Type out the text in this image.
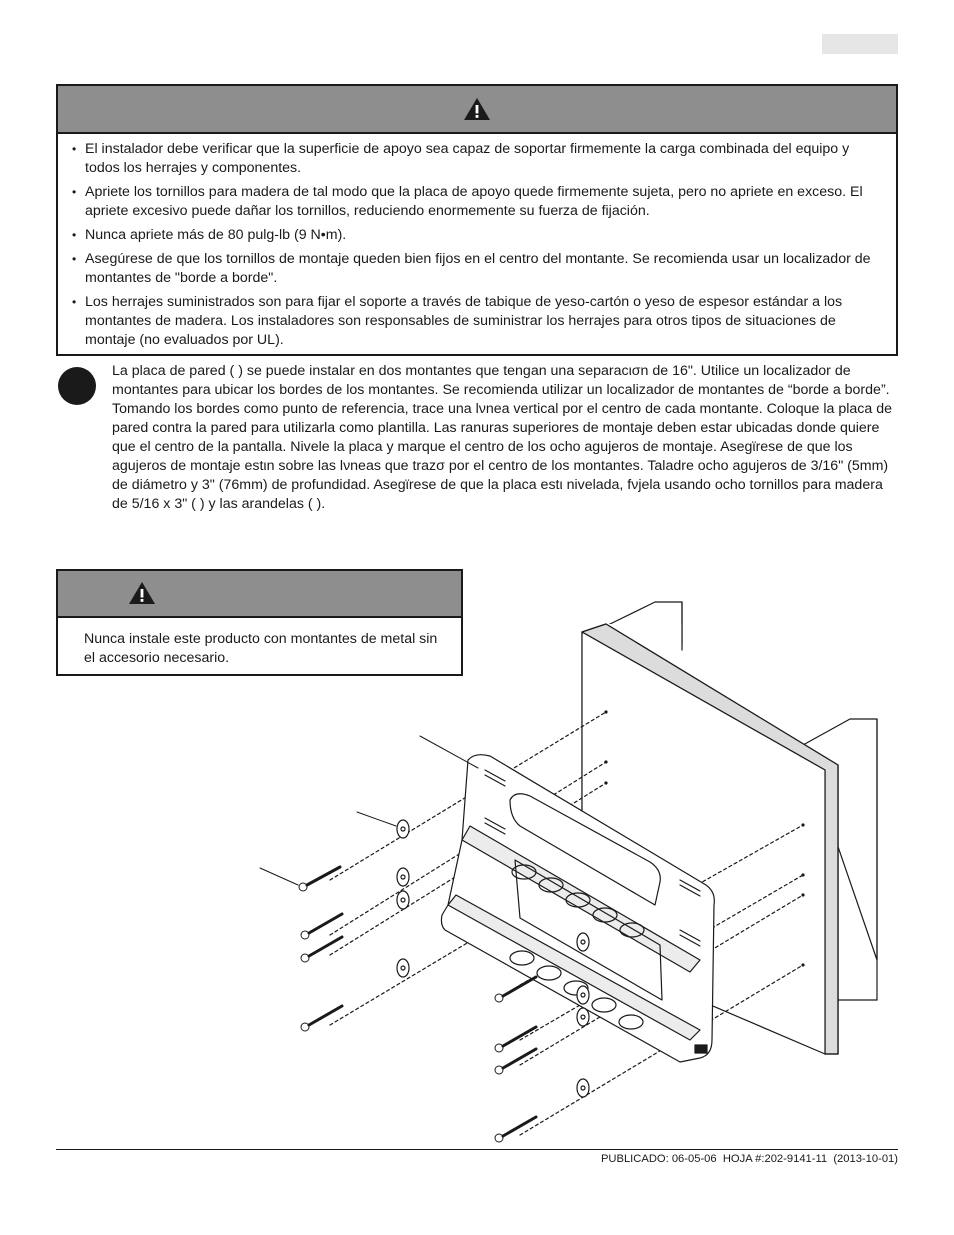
• El instalador debe verificar que la superficie de apoyo sea capaz de soportar firmemente la carga combinada del equipo y todos los herrajes y componentes.
• Apriete los tornillos para madera de tal modo que la placa de apoyo quede firmemente sujeta, pero no apriete en exceso. El apriete excesivo puede dañar los tornillos, reduciendo enormemente su fuerza de fijación.
• Nunca apriete más de 80 pulg-lb (9 N•m).
• Asegúrese de que los tornillos de montaje queden bien fijos en el centro del montante. Se recomienda usar un localizador de montantes de "borde a borde".
• Los herrajes suministrados son para fijar el soporte a través de tabique de yeso-cartón o yeso de espesor estándar a los montantes de madera. Los instaladores son responsables de suministrar los herrajes para otros tipos de situaciones de montaje (no evaluados por UL).

La placa de pared ( ) se puede instalar en dos montantes que tengan una separacισn de 16". Utilice un localizador de montantes para ubicar los bordes de los montantes. Se recomienda utilizar un localizador de montantes de “borde a borde”. Tomando los bordes como punto de referencia, trace una lνnea vertical por el centro de cada montante. Coloque la placa de pared contra la pared para utilizarla como plantilla. Las ranuras superiores de montaje deben estar ubicadas donde quiere que el centro de la pantalla. Nivele la placa y marque el centro de los ocho agujeros de montaje. Asegϊrese de que los agujeros de montaje estιn sobre las lνneas que trazσ por el centro de los montantes. Taladre ocho agujeros de 3/16" (5mm) de diámetro y 3" (76mm) de profundidad. Asegϊrese de que la placa estι nivelada, fνjela usando ocho tornillos para madera de 5/16 x 3" ( ) y las arandelas ( ).

Nunca instale este producto con montantes de metal sin el accesorio necesario.

PUBLICADO: 06-05-06  HOJA #:202-9141-11  (2013-10-01)
